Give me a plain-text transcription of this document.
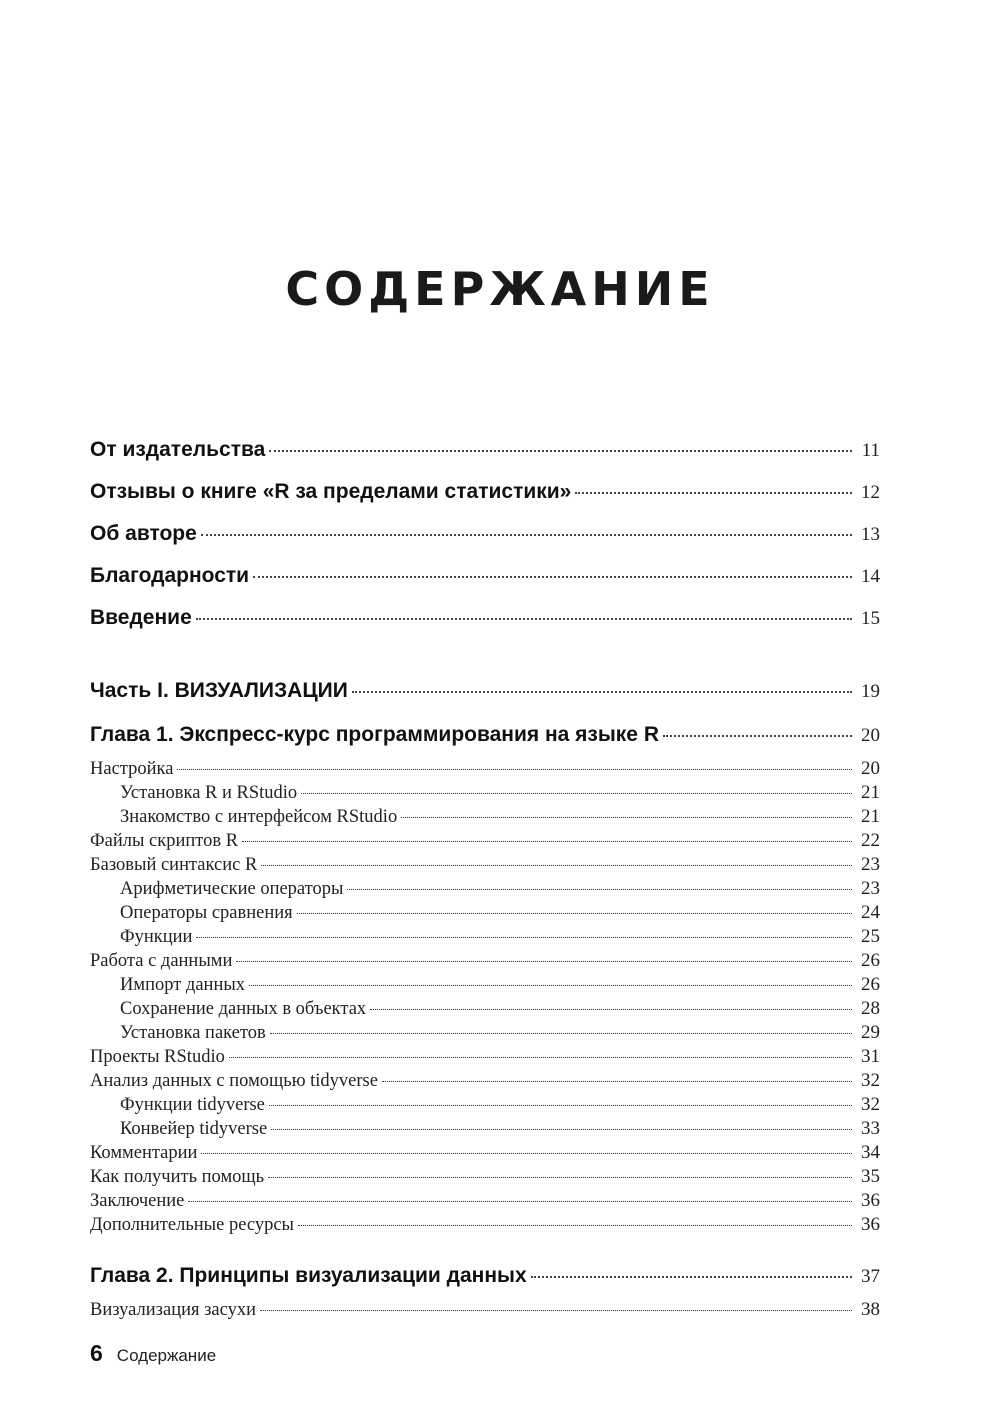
СОДЕРЖАНИЕ
От издательства	11
Отзывы о книге «R за пределами статистики»	12
Об авторе	13
Благодарности	14
Введение	15
Часть I. ВИЗУАЛИЗАЦИИ	19
Глава 1. Экспресс-курс программирования на языке R	20
Настройка	20
Установка R и RStudio	21
Знакомство с интерфейсом RStudio	21
Файлы скриптов R	22
Базовый синтаксис R	23
Арифметические операторы	23
Операторы сравнения	24
Функции	25
Работа с данными	26
Импорт данных	26
Сохранение данных в объектах	28
Установка пакетов	29
Проекты RStudio	31
Анализ данных с помощью tidyverse	32
Функции tidyverse	32
Конвейер tidyverse	33
Комментарии	34
Как получить помощь	35
Заключение	36
Дополнительные ресурсы	36
Глава 2. Принципы визуализации данных	37
Визуализация засухи	38
6 Содержание
